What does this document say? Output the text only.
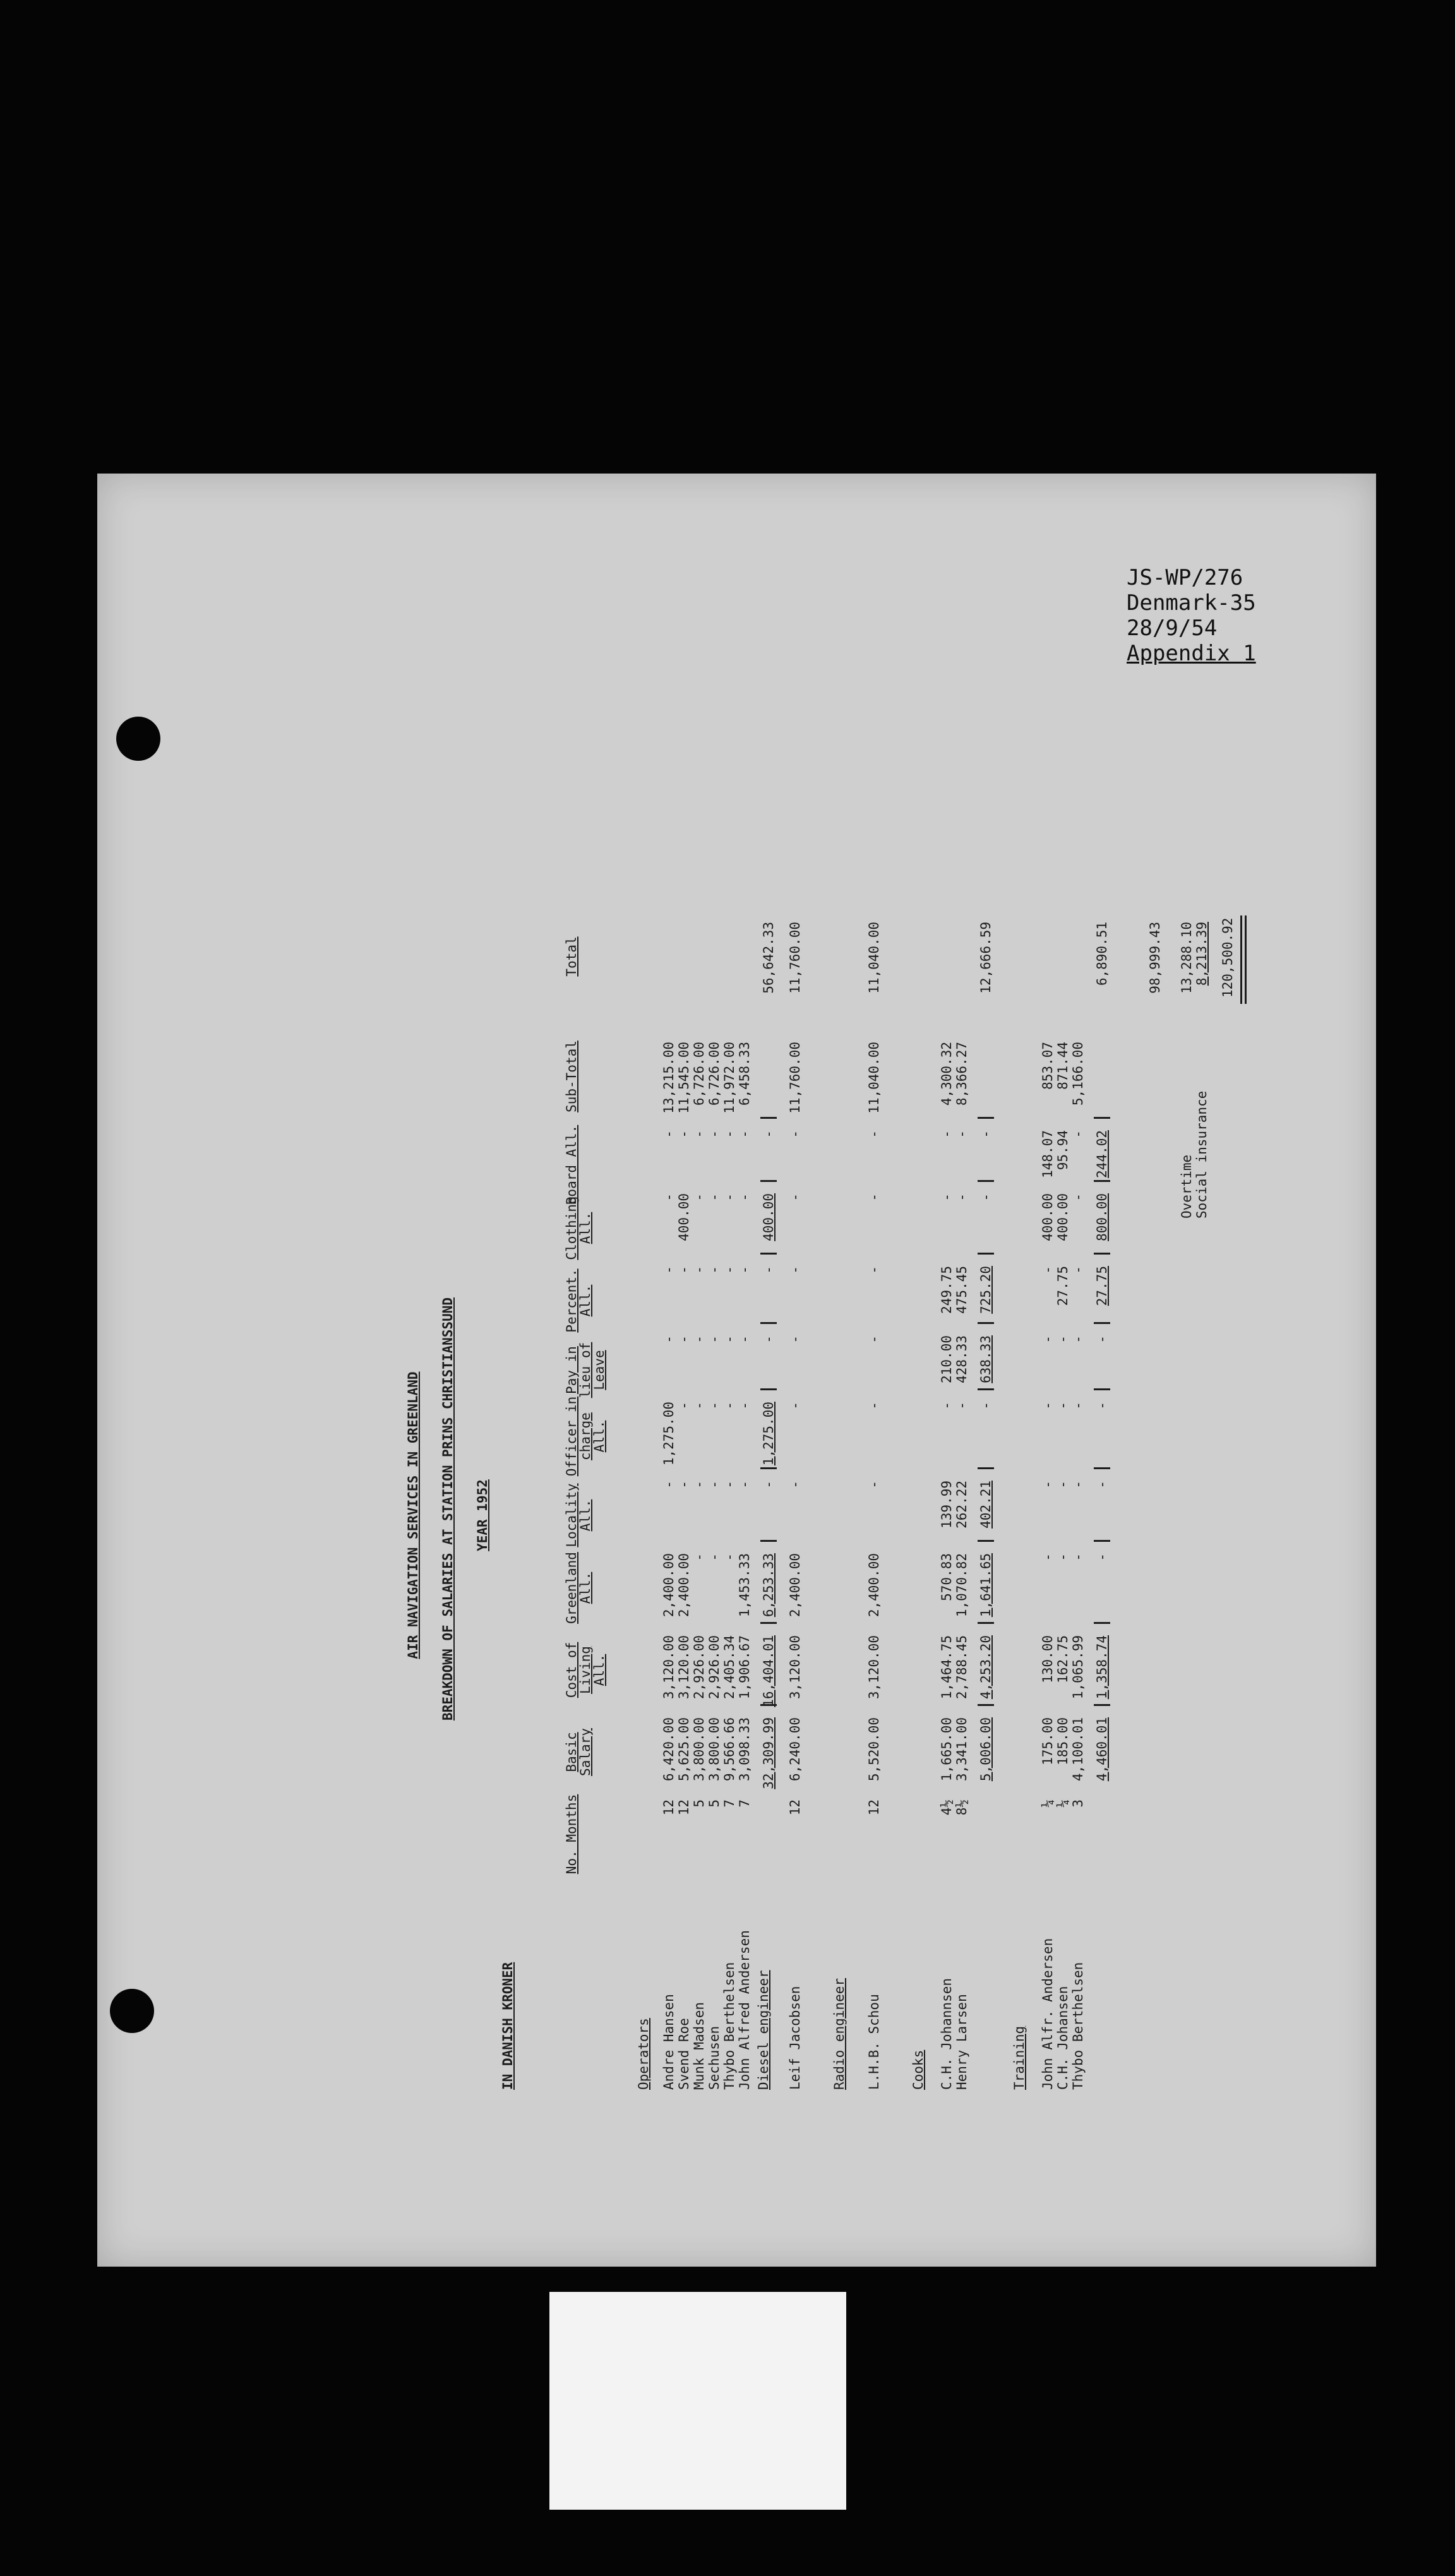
JS-WP/276
Denmark-35
28/9/54
Appendix 1
AIR NAVIGATION SERVICES IN GREENLAND BREAKDOWN OF SALARIES AT STATION PRINS CHRISTIANSSUND YEAR 1952
IN DANISH KRONER
No. Months
Basic Salary
Cost of Living All.
Greenland All.
Locality All.
Officer in charge All.
Pay in lieu of Leave
Percent. All.
Clothing All.
Board All.
Sub-Total
Total
Operators Andre Hansen
12
6,420.00
3,120.00
2,400.00
-
1,275.00
-
-
-
-
13,215.00
Svend Roe
12
5,625.00
3,120.00
2,400.00
-
-
-
-
400.00
-
11,545.00
Munk Madsen
5
3,800.00
2,926.00
-
-
-
-
-
-
-
6,726.00
Sechusen
5
3,800.00
2,926.00
-
-
-
-
-
-
-
6,726.00
Thybo Berthelsen
7
9,566.66
2,405.34
-
-
-
-
-
-
-
11,972.00
John Alfred Andersen
7
3,098.33
1,906.67
1,453.33
-
-
-
-
-
-
6,458.33
32,309.99
16,404.01
6,253.33
-
1,275.00
-
-
400.00
-
56,642.33
Diesel engineer Leif Jacobsen
12
6,240.00
3,120.00
2,400.00
-
-
-
-
-
-
11,760.00
11,760.00
Radio engineer L.H.B. Schou
12
5,520.00
3,120.00
2,400.00
-
-
-
-
-
-
11,040.00
11,040.00
Cooks C.H. Johannsen
4½
1,665.00
1,464.75
570.83
139.99
-
210.00
249.75
-
-
4,300.32
Henry Larsen
8½
3,341.00
2,788.45
1,070.82
262.22
-
428.33
475.45
-
-
8,366.27
5,006.00
4,253.20
1,641.65
402.21
-
638.33
725.20
-
-
12,666.59
Training John Alfr. Andersen
¼
175.00
130.00
-
-
-
-
-
400.00
148.07
853.07
C.H. Johansen
¼
185.00
162.75
-
-
-
-
27.75
400.00
95.94
871.44
Thybo Berthelsen
3
4,100.01
1,065.99
-
-
-
-
-
-
-
5,166.00
4,460.01
1,358.74
-
-
-
-
27.75
800.00
244.02
6,890.51	98,999.43
Overtime
13,288.10
Social insurance
8,213.39 120,500.92
